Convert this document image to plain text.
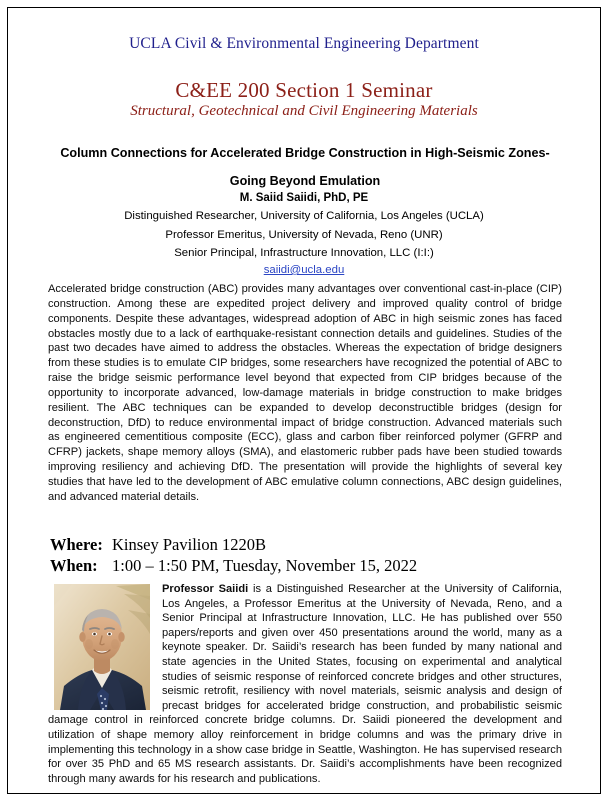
UCLA Civil & Environmental Engineering Department
C&EE 200 Section 1 Seminar
Structural, Geotechnical and Civil Engineering Materials
Column Connections for Accelerated Bridge Construction in High-Seismic Zones-
Going Beyond Emulation
M. Saiid Saiidi, PhD, PE
Distinguished Researcher, University of California, Los Angeles (UCLA)
Professor Emeritus, University of Nevada, Reno (UNR)
Senior Principal, Infrastructure Innovation, LLC (I:I:)
saiidi@ucla.edu
Accelerated bridge construction (ABC) provides many advantages over conventional cast-in-place (CIP) construction. Among these are expedited project delivery and improved quality control of bridge components. Despite these advantages, widespread adoption of ABC in high seismic zones has faced obstacles mostly due to a lack of earthquake-resistant connection details and guidelines. Studies of the past two decades have aimed to address the obstacles. Whereas the expectation of bridge designers from these studies is to emulate CIP bridges, some researchers have recognized the potential of ABC to raise the bridge seismic performance level beyond that expected from CIP bridges because of the opportunity to incorporate advanced, low-damage materials in bridge construction to make bridges resilient. The ABC techniques can be expanded to develop deconstructible bridges (design for deconstruction, DfD) to reduce environmental impact of bridge construction. Advanced materials such as engineered cementitious composite (ECC), glass and carbon fiber reinforced polymer (GFRP and CFRP) jackets, shape memory alloys (SMA), and elastomeric rubber pads have been studied towards improving resiliency and achieving DfD. The presentation will provide the highlights of several key studies that have led to the development of ABC emulative column connections, ABC design guidelines, and advanced material details.
Where: Kinsey Pavilion 1220B
When: 1:00 – 1:50 PM, Tuesday, November 15, 2022
Professor Saiidi is a Distinguished Researcher at the University of California, Los Angeles, a Professor Emeritus at the University of Nevada, Reno, and a Senior Principal at Infrastructure Innovation, LLC. He has published over 550 papers/reports and given over 450 presentations around the world, many as a keynote speaker. Dr. Saiidi’s research has been funded by many national and state agencies in the United States, focusing on experimental and analytical studies of seismic response of reinforced concrete bridges and other structures, seismic retrofit, resiliency with novel materials, seismic analysis and design of precast bridges for accelerated bridge construction, and probabilistic seismic damage control in reinforced concrete bridge columns. Dr. Saiidi pioneered the development and utilization of shape memory alloy reinforcement in bridge columns and was the primary drive in implementing this technology in a show case bridge in Seattle, Washington. He has supervised research for over 35 PhD and 65 MS research assistants. Dr. Saiidi’s accomplishments have been recognized through many awards for his research and publications.
